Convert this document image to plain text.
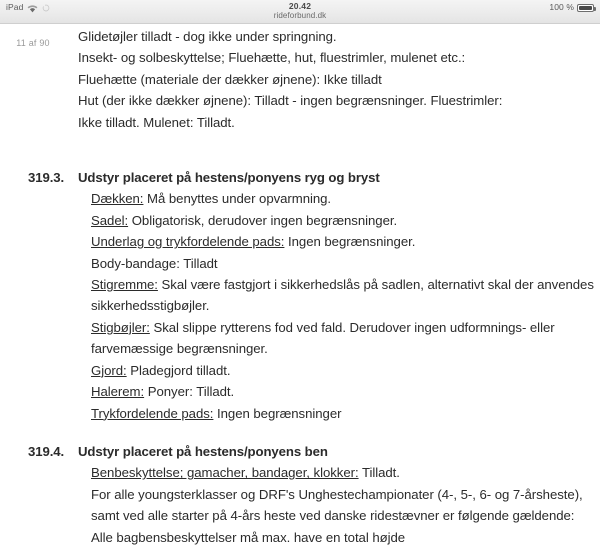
iPad	20.42
rideforbund.dk
100 %
11 af 90	Glidetøjler tilladt - dog ikke under springning.
Insekt- og solbeskyttelse; Fluehætte, hut, fluestrimler, mulenet etc.:
Fluehætte (materiale der dækker øjnene): Ikke tilladt
Hut (der ikke dækker øjnene): Tilladt - ingen begrænsninger. Fluestrimler:
Ikke tilladt. Mulenet: Tilladt.
319.3.	Udstyr placeret på hestens/ponyens ryg og bryst
Dækken: Må benyttes under opvarmning.
Sadel: Obligatorisk, derudover ingen begrænsninger.
Underlag og trykfordelende pads: Ingen begrænsninger.
Body-bandage: Tilladt
Stigremme: Skal være fastgjort i sikkerhedslås på sadlen, alternativt skal der anvendes sikkerhedsstigbøjler.
Stigbøjler: Skal slippe rytterens fod ved fald. Derudover ingen udformnings- eller farvemæssige begrænsninger.
Gjord: Pladegjord tilladt.
Halerem: Ponyer: Tilladt.
Trykfordelende pads: Ingen begrænsninger
319.4.	Udstyr placeret på hestens/ponyens ben
Benbeskyttelse; gamacher, bandager, klokker: Tilladt.
For alle youngsterklasser og DRF's Unghestechampionater (4-, 5-, 6- og 7-årsheste), samt ved alle starter på 4-års heste ved danske ridestævner er følgende gældende: Alle bagbensbeskyttelser må max. have en total højde
